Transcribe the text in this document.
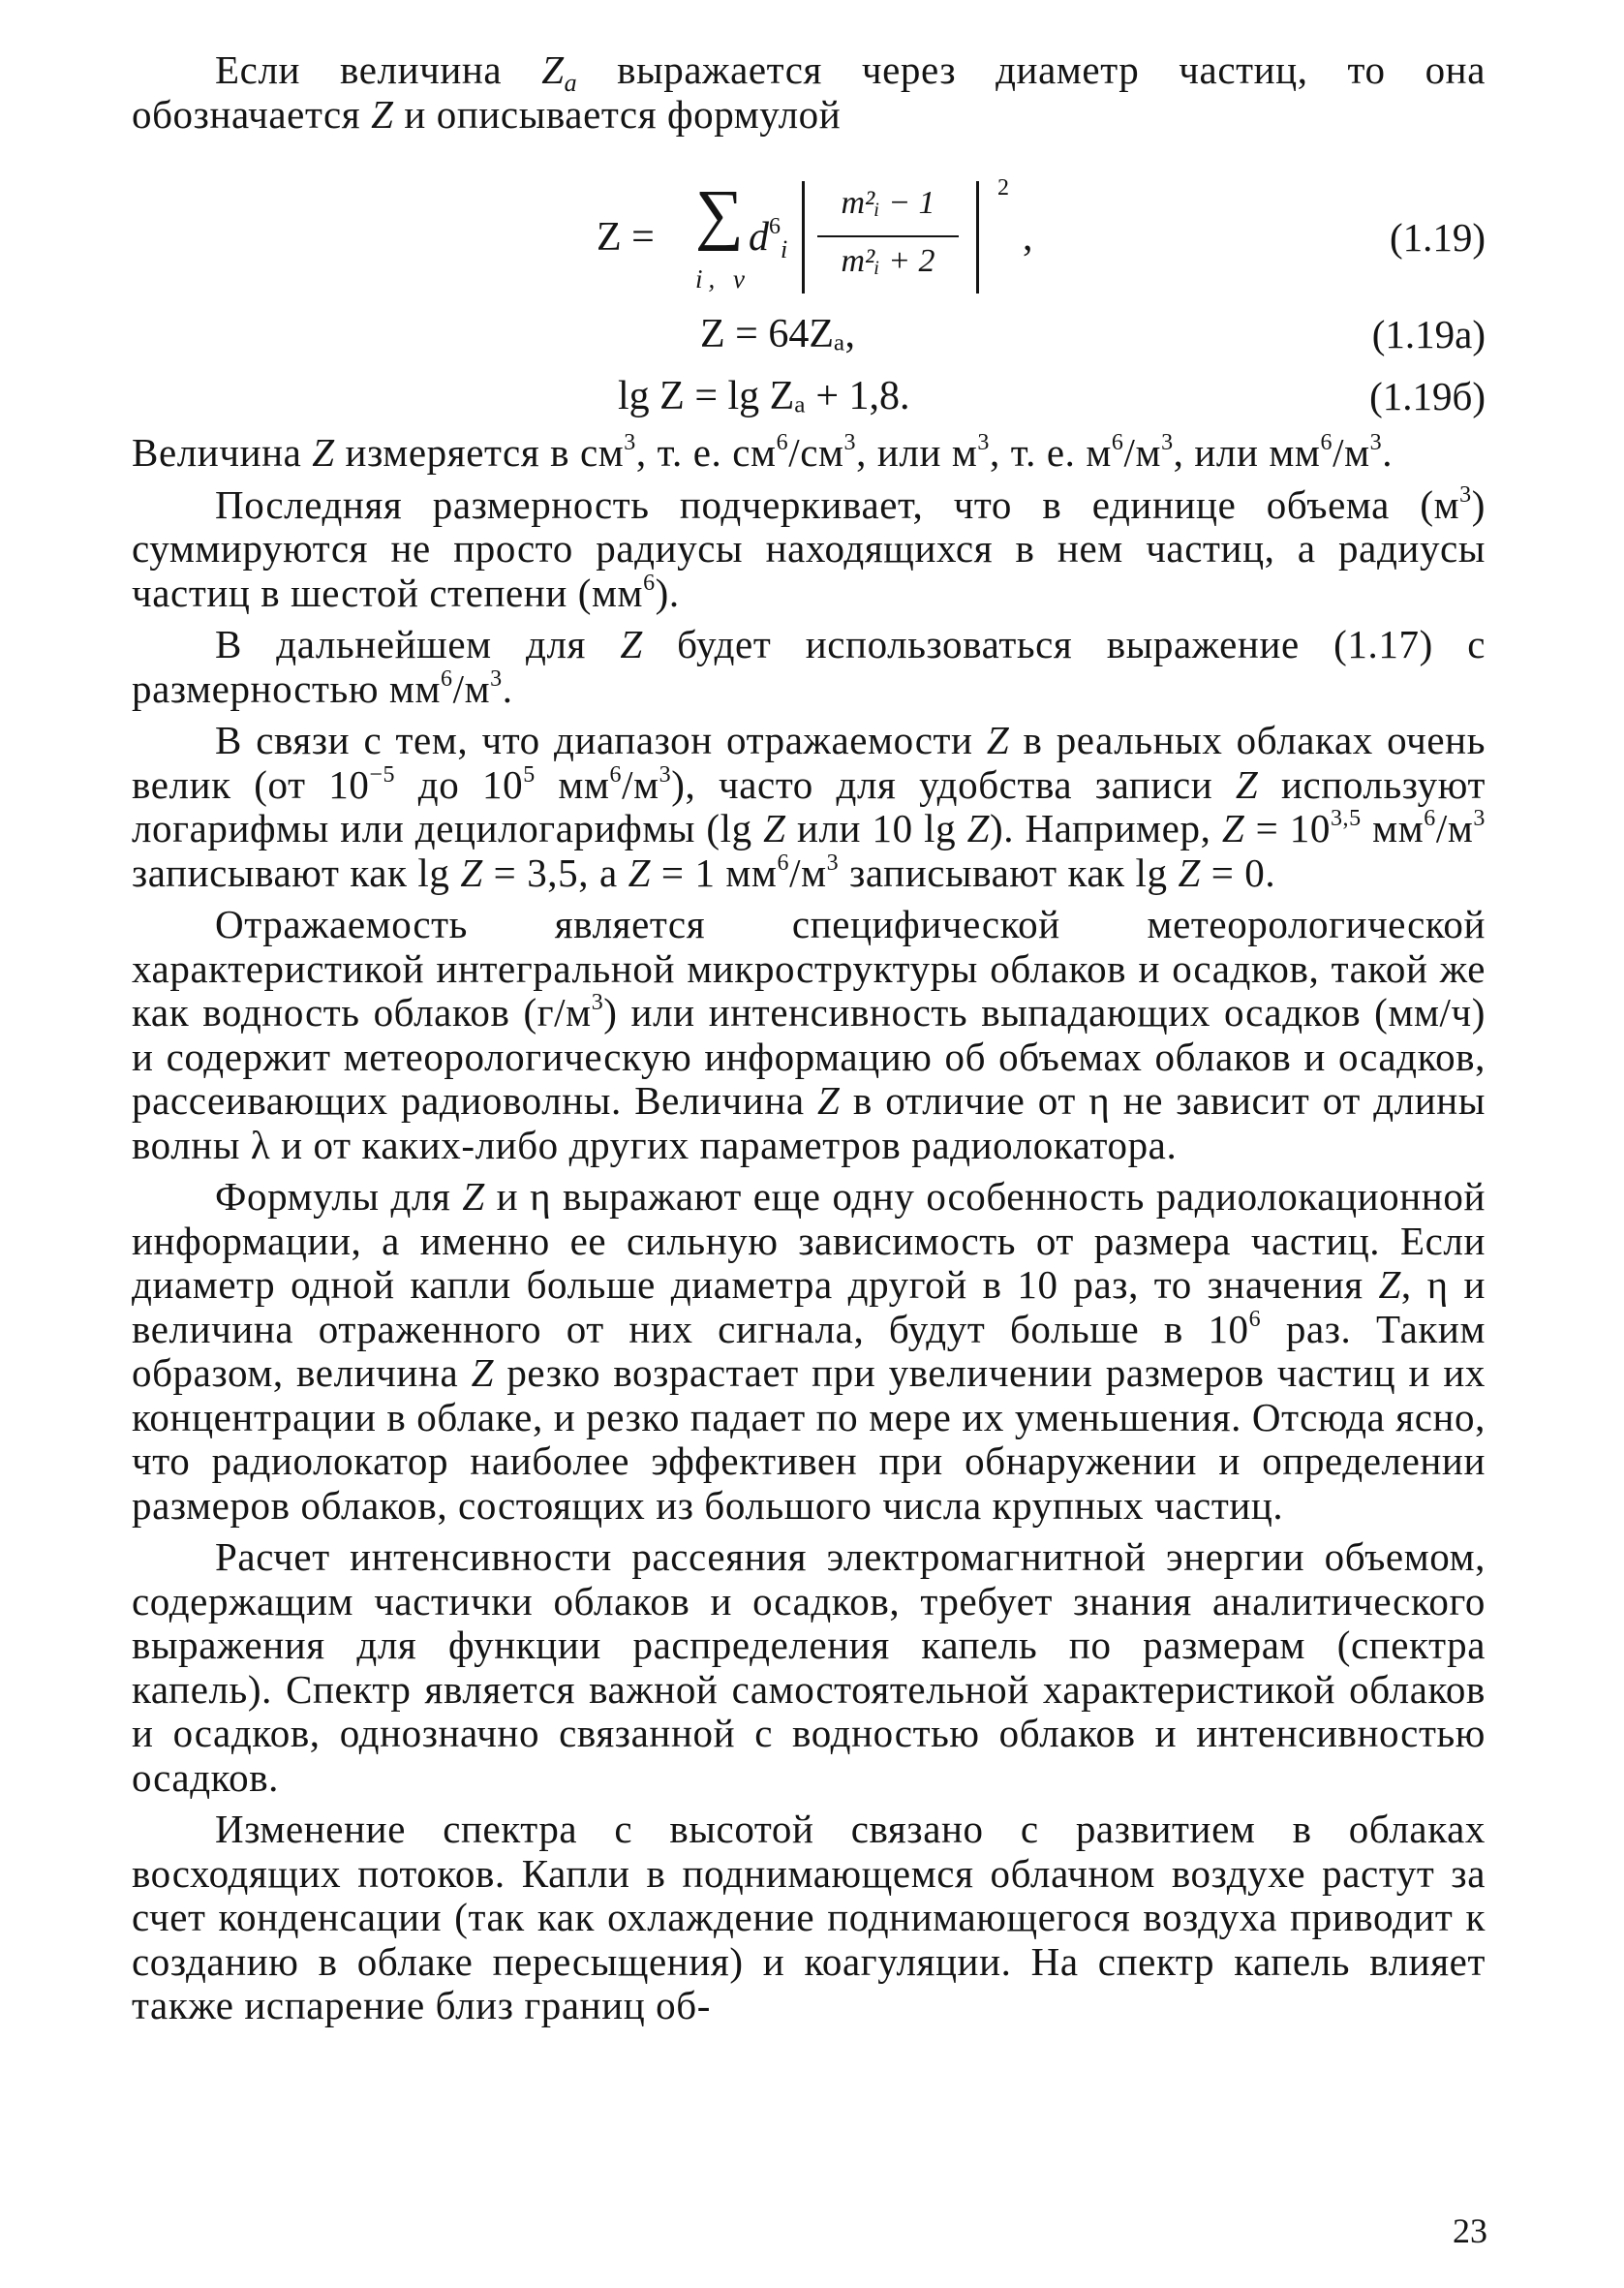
Если величина $Z_a$ выражается через диаметр частиц, то она обозначается Z и описывается формулой

Z = ∑
i, v
$d^6_i$
m²ᵢ − 1
m²ᵢ + 2
2
,	(1.19)
Z = 64Zₐ,	(1.19а)
lg Z = lg Zₐ + 1,8.	(1.19б)

Величина Z измеряется в $см^3$, т. е. $см^6/см^3$, или $м^3$, т. е. $м^6/м^3$, или $мм^6/м^3$.

Последняя размерность подчеркивает, что в единице объема $(м^3)$ суммируются не просто радиусы находящихся в нем частиц, а радиусы частиц в шестой степени $(мм^6)$.

В дальнейшем для Z будет использоваться выражение (1.17) с размерностью $мм^6/м^3$.

В связи с тем, что диапазон отражаемости Z в реальных облаках очень велик (от $10^{-5}$ до $10^5$ $мм^6/м^3$), часто для удобства записи Z используют логарифмы или децилогарифмы (lg Z или 10 lg Z). Например, $Z = 10^{3,5}$ $мм^6/м^3$ записывают как lg Z = 3,5, а Z = 1 $мм^6/м^3$ записывают как lg Z = 0.

Отражаемость является специфической метеорологической характеристикой интегральной микроструктуры облаков и осадков, такой же как водность облаков $(г/м^3)$ или интенсивность выпадающих осадков (мм/ч) и содержит метеорологическую информацию об объемах облаков и осадков, рассеивающих радиоволны. Величина Z в отличие от η не зависит от длины волны λ и от каких-либо других параметров радиолокатора.

Формулы для Z и η выражают еще одну особенность радиолокационной информации, а именно ее сильную зависимость от размера частиц. Если диаметр одной капли больше диаметра другой в 10 раз, то значения Z, η и величина отраженного от них сигнала, будут больше в $10^6$ раз. Таким образом, величина Z резко возрастает при увеличении размеров частиц и их концентрации в облаке, и резко падает по мере их уменьшения. Отсюда ясно, что радиолокатор наиболее эффективен при обнаружении и определении размеров облаков, состоящих из большого числа крупных частиц.

Расчет интенсивности рассеяния электромагнитной энергии объемом, содержащим частички облаков и осадков, требует знания аналитического выражения для функции распределения капель по размерам (спектра капель). Спектр является важной самостоятельной характеристикой облаков и осадков, однозначно связанной с водностью облаков и интенсивностью осадков.

Изменение спектра с высотой связано с развитием в облаках восходящих потоков. Капли в поднимающемся облачном воздухе растут за счет конденсации (так как охлаждение поднимающегося воздуха приводит к созданию в облаке пересыщения) и коагуляции. На спектр капель влияет также испарение близ границ об-

23
